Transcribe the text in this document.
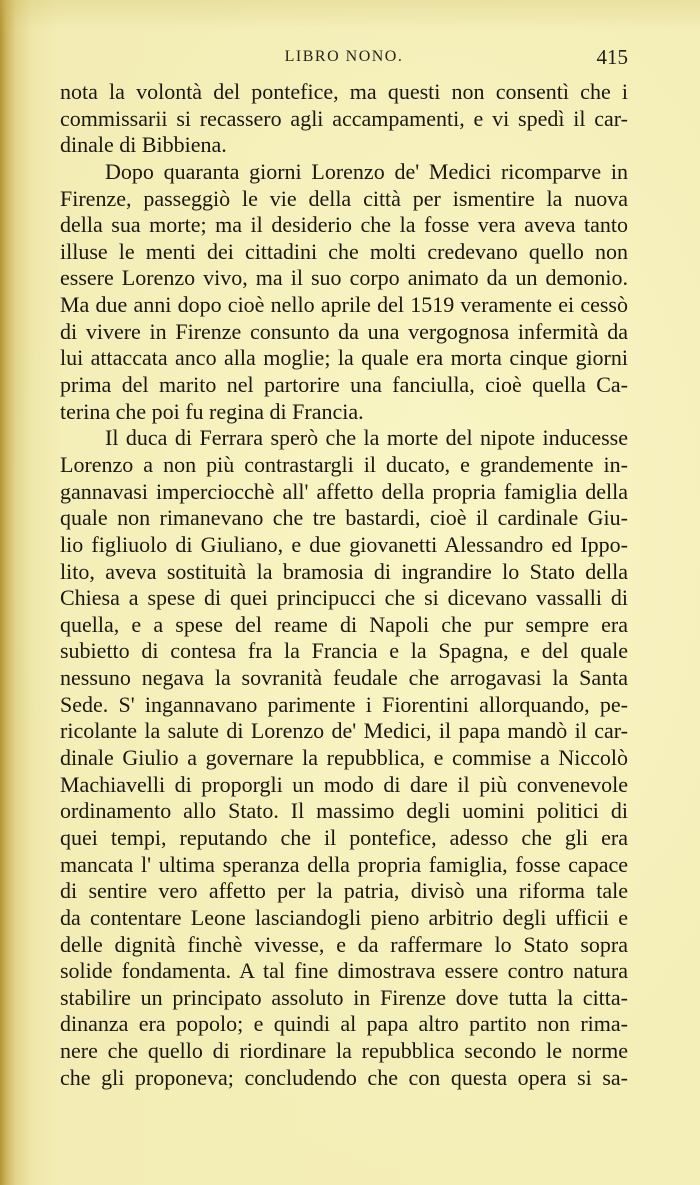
LIBRO NONO.	415
nota la volontà del pontefice, ma questi non consentì che i
commissarii si recassero agli accampamenti, e vi spedì il car-
dinale di Bibbiena.
Dopo quaranta giorni Lorenzo de' Medici ricomparve in
Firenze, passeggiò le vie della città per ismentire la nuova
della sua morte; ma il desiderio che la fosse vera aveva tanto
illuse le menti dei cittadini che molti credevano quello non
essere Lorenzo vivo, ma il suo corpo animato da un demonio.
Ma due anni dopo cioè nello aprile del 1519 veramente ei cessò
di vivere in Firenze consunto da una vergognosa infermità da
lui attaccata anco alla moglie; la quale era morta cinque giorni
prima del marito nel partorire una fanciulla, cioè quella Ca-
terina che poi fu regina di Francia.
Il duca di Ferrara sperò che la morte del nipote inducesse
Lorenzo a non più contrastargli il ducato, e grandemente in-
gannavasi imperciocchè all' affetto della propria famiglia della
quale non rimanevano che tre bastardi, cioè il cardinale Giu-
lio figliuolo di Giuliano, e due giovanetti Alessandro ed Ippo-
lito, aveva sostituità la bramosia di ingrandire lo Stato della
Chiesa a spese di quei principucci che si dicevano vassalli di
quella, e a spese del reame di Napoli che pur sempre era
subietto di contesa fra la Francia e la Spagna, e del quale
nessuno negava la sovranità feudale che arrogavasi la Santa
Sede. S' ingannavano parimente i Fiorentini allorquando, pe-
ricolante la salute di Lorenzo de' Medici, il papa mandò il car-
dinale Giulio a governare la repubblica, e commise a Niccolò
Machiavelli di proporgli un modo di dare il più convenevole
ordinamento allo Stato. Il massimo degli uomini politici di
quei tempi, reputando che il pontefice, adesso che gli era
mancata l' ultima speranza della propria famiglia, fosse capace
di sentire vero affetto per la patria, divisò una riforma tale
da contentare Leone lasciandogli pieno arbitrio degli ufficii e
delle dignità finchè vivesse, e da raffermare lo Stato sopra
solide fondamenta. A tal fine dimostrava essere contro natura
stabilire un principato assoluto in Firenze dove tutta la citta-
dinanza era popolo; e quindi al papa altro partito non rima-
nere che quello di riordinare la repubblica secondo le norme
che gli proponeva; concludendo che con questa opera si sa-
